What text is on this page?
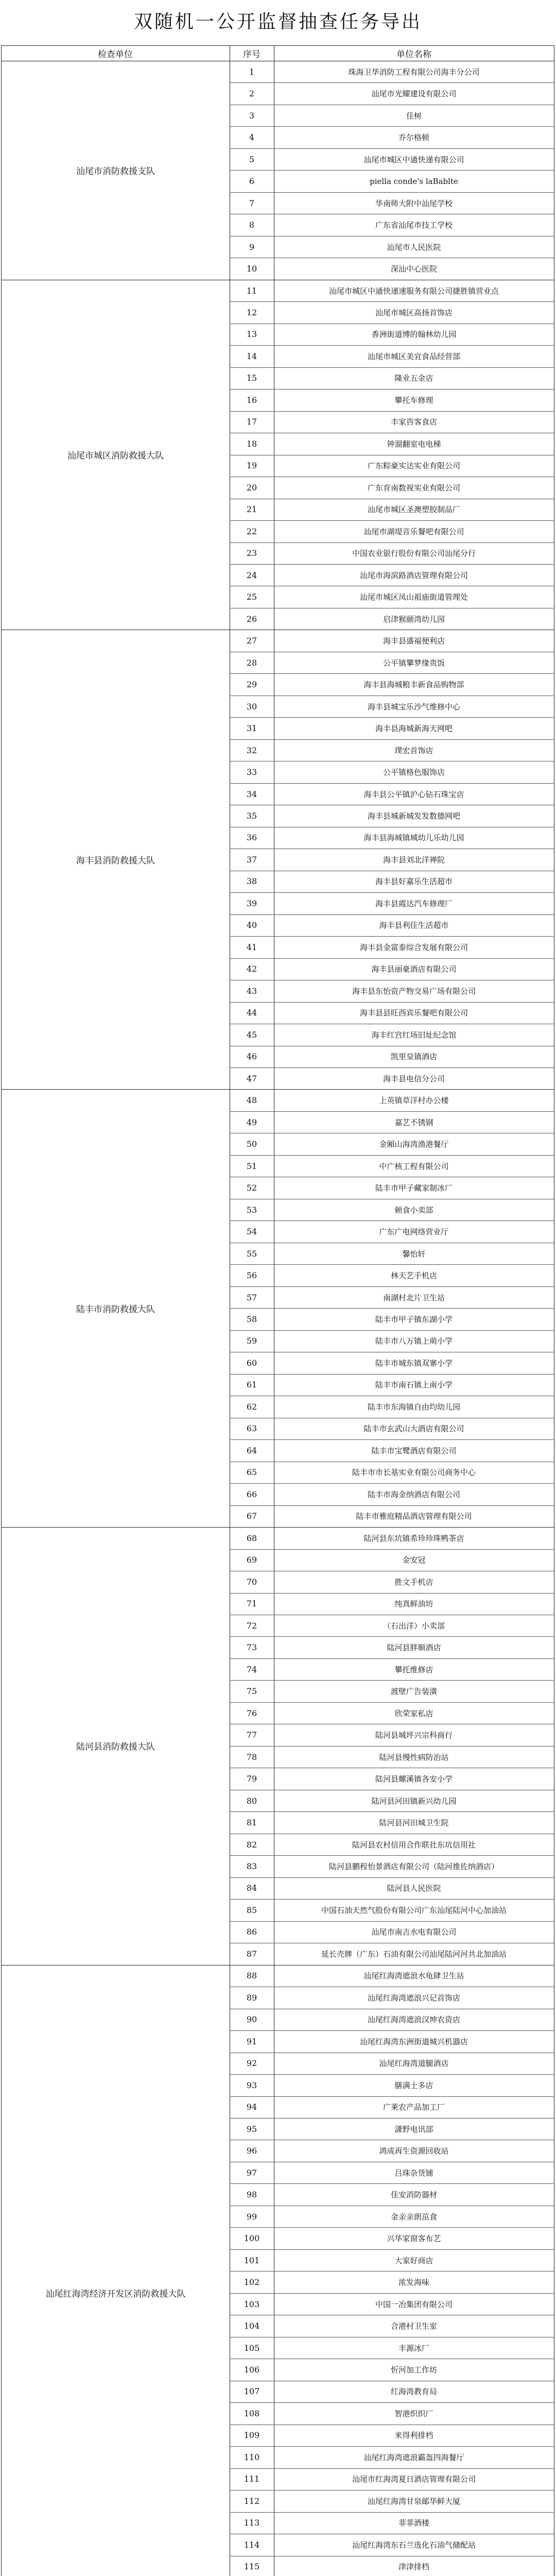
双随机一公开监督抽查任务导出
检查单位	序号	单位名称
汕尾市消防救援支队
1	珠海卫华消防工程有限公司海丰分公司
2	汕尾市光耀建设有限公司
3	佳树
4	乔尔格顿
5	汕尾市城区中通快递有限公司
6	piella conde's laBablte
7	华南师大附中汕尾学校
8	广东省汕尾市技工学校
9	汕尾市人民医院
10	深汕中心医院
汕尾市城区消防救援大队
11	汕尾市城区中通快递速服务有限公司捷胜镇营业点
12	汕尾市城区高扬首饰店
13	香洲街道博的翰林幼儿园
14	汕尾市城区美宜食品经营部
15	隆业五金店
16	攀托车修理
17	丰家咨客食店
18	钟溜翻室电电梯
19	广东粽豪实达实业有限公司
20	广东育南数视实业有限公司
21	汕尾市城区圣澳塑胶制品厂
22	汕尾市湖堤音乐餐吧有限公司
23	中国农业银行股份有限公司汕尾分行
24	汕尾市海滨路酒店管理有限公司
25	汕尾市城区凤山祖庙街道管理处
26	启津猴颐湾幼儿园
海丰县消防救援大队
27	海丰县盛福便利店
28	公平镇攀梦缘贵饭
29	海丰县海城粮丰新食品购物部
30	海丰县城宝乐沙气维修中心
31	海丰县海城新海天网吧
32	璞宏首饰店
33	公平镇格色服饰店
34	海丰县公平镇沪心钻石珠宝店
35	海丰县城新城发发数德网吧
36	海丰县海城镇城幼儿乐幼儿园
37	海丰县刘北洋禅院
38	海丰县好嘉乐生活超市
39	海丰县霞达汽车修理厂
40	海丰县利佳生活超市
41	海丰县金富泰综合发展有限公司
42	海丰县丽豪酒店有限公司
43	海丰县东怡资产物交易广场有限公司
44	海丰县县旺西宾乐餐吧有限公司
45	海丰红宫红场旧址纪念馆
46	凯里皇镇酒店
47	海丰县电信分公司
陆丰市消防救援大队
48	上英镇草洋村办公楼
49	嘉艺不锈钢
50	金厢山海湾渔港餐厅
51	中广核工程有限公司
52	陆丰市甲子藏家制冰厂
53	顿食小卖部
54	广东广电网络营业厅
55	馨怡轩
56	林天艺手机店
57	南湖村北片卫生站
58	陆丰市甲子镇东湖小学
59	陆丰市八万镇上萌小学
60	陆丰市城东镇双寨小学
61	陆丰市南石镇上南小学
62	陆丰市东海镇自由均幼儿园
63	陆丰市玄武山大酒店有限公司
64	陆丰市宝鹭酒店有限公司
65	陆丰市市长基实业有限公司商务中心
66	陆丰市海金纳酒店有限公司
67	陆丰市雅庭精品酒店管理有限公司
陆河县消防救援大队
68	陆河县东坑镇希珍珍珠鸭茶店
69	金安冠
70	胜文手机店
71	纯真鲜油坊
72	（石出洋）小卖部
73	陆河县胖顺酒店
74	攀托维修店
75	渡壁广告装潢
76	欣荣家私店
77	陆河县城坪兴宗科商行
78	陆河县慢性病防治站
79	陆河县螺溪镇各安小学
80	陆河县河田镇新兴幼儿园
81	陆河县河田城卫生院
82	陆河县农村信用合作联社东坑信用社
83	陆河县鹏程怡景酒店有限公司（陆河推佐纳酒店）
84	陆河县人民医院
85	中国石油天然气股份有限公司广东汕尾陆河中心加油站
86	汕尾市南吉水电有限公司
87	延长壳牌（广东）石油有限公司汕尾陆河河共北加油站
汕尾红海湾经济开发区消防救援大队
88	汕尾红海湾遮浪水龟肆卫生站
89	汕尾红海湾遮浪兴记首饰店
90	汕尾红海湾遮浪汉坤农资店
91	汕尾红海湾东洲街道城兴机器店
92	汕尾红海湾道腿酒店
93	膳满士多店
94	广莱农产品加工厂
95	潇野电讯部
96	鸿成再生资源回收站
97	吕珠杂货铺
98	佳安消防器材
99	金亲亲朗茁食
100	兴华家窗客布艺
101	大家好商店
102	浓发海味
103	中国一冶集团有限公司
104	合港村卫生室
105	丰源冰厂
106	忻河加工作坊
107	红海湾教育局
108	智港织织厂
109	来得利排档
110	汕尾红海湾遮浪霸盔四海餐厅
111	汕尾市红海湾夏日酒店管理有限公司
112	汕尾红海湾甘泉邮华鲜大厦
113	菲菲酒楼
114	汕尾红海湾东石兰选化石油气储配站
115	津津排档
